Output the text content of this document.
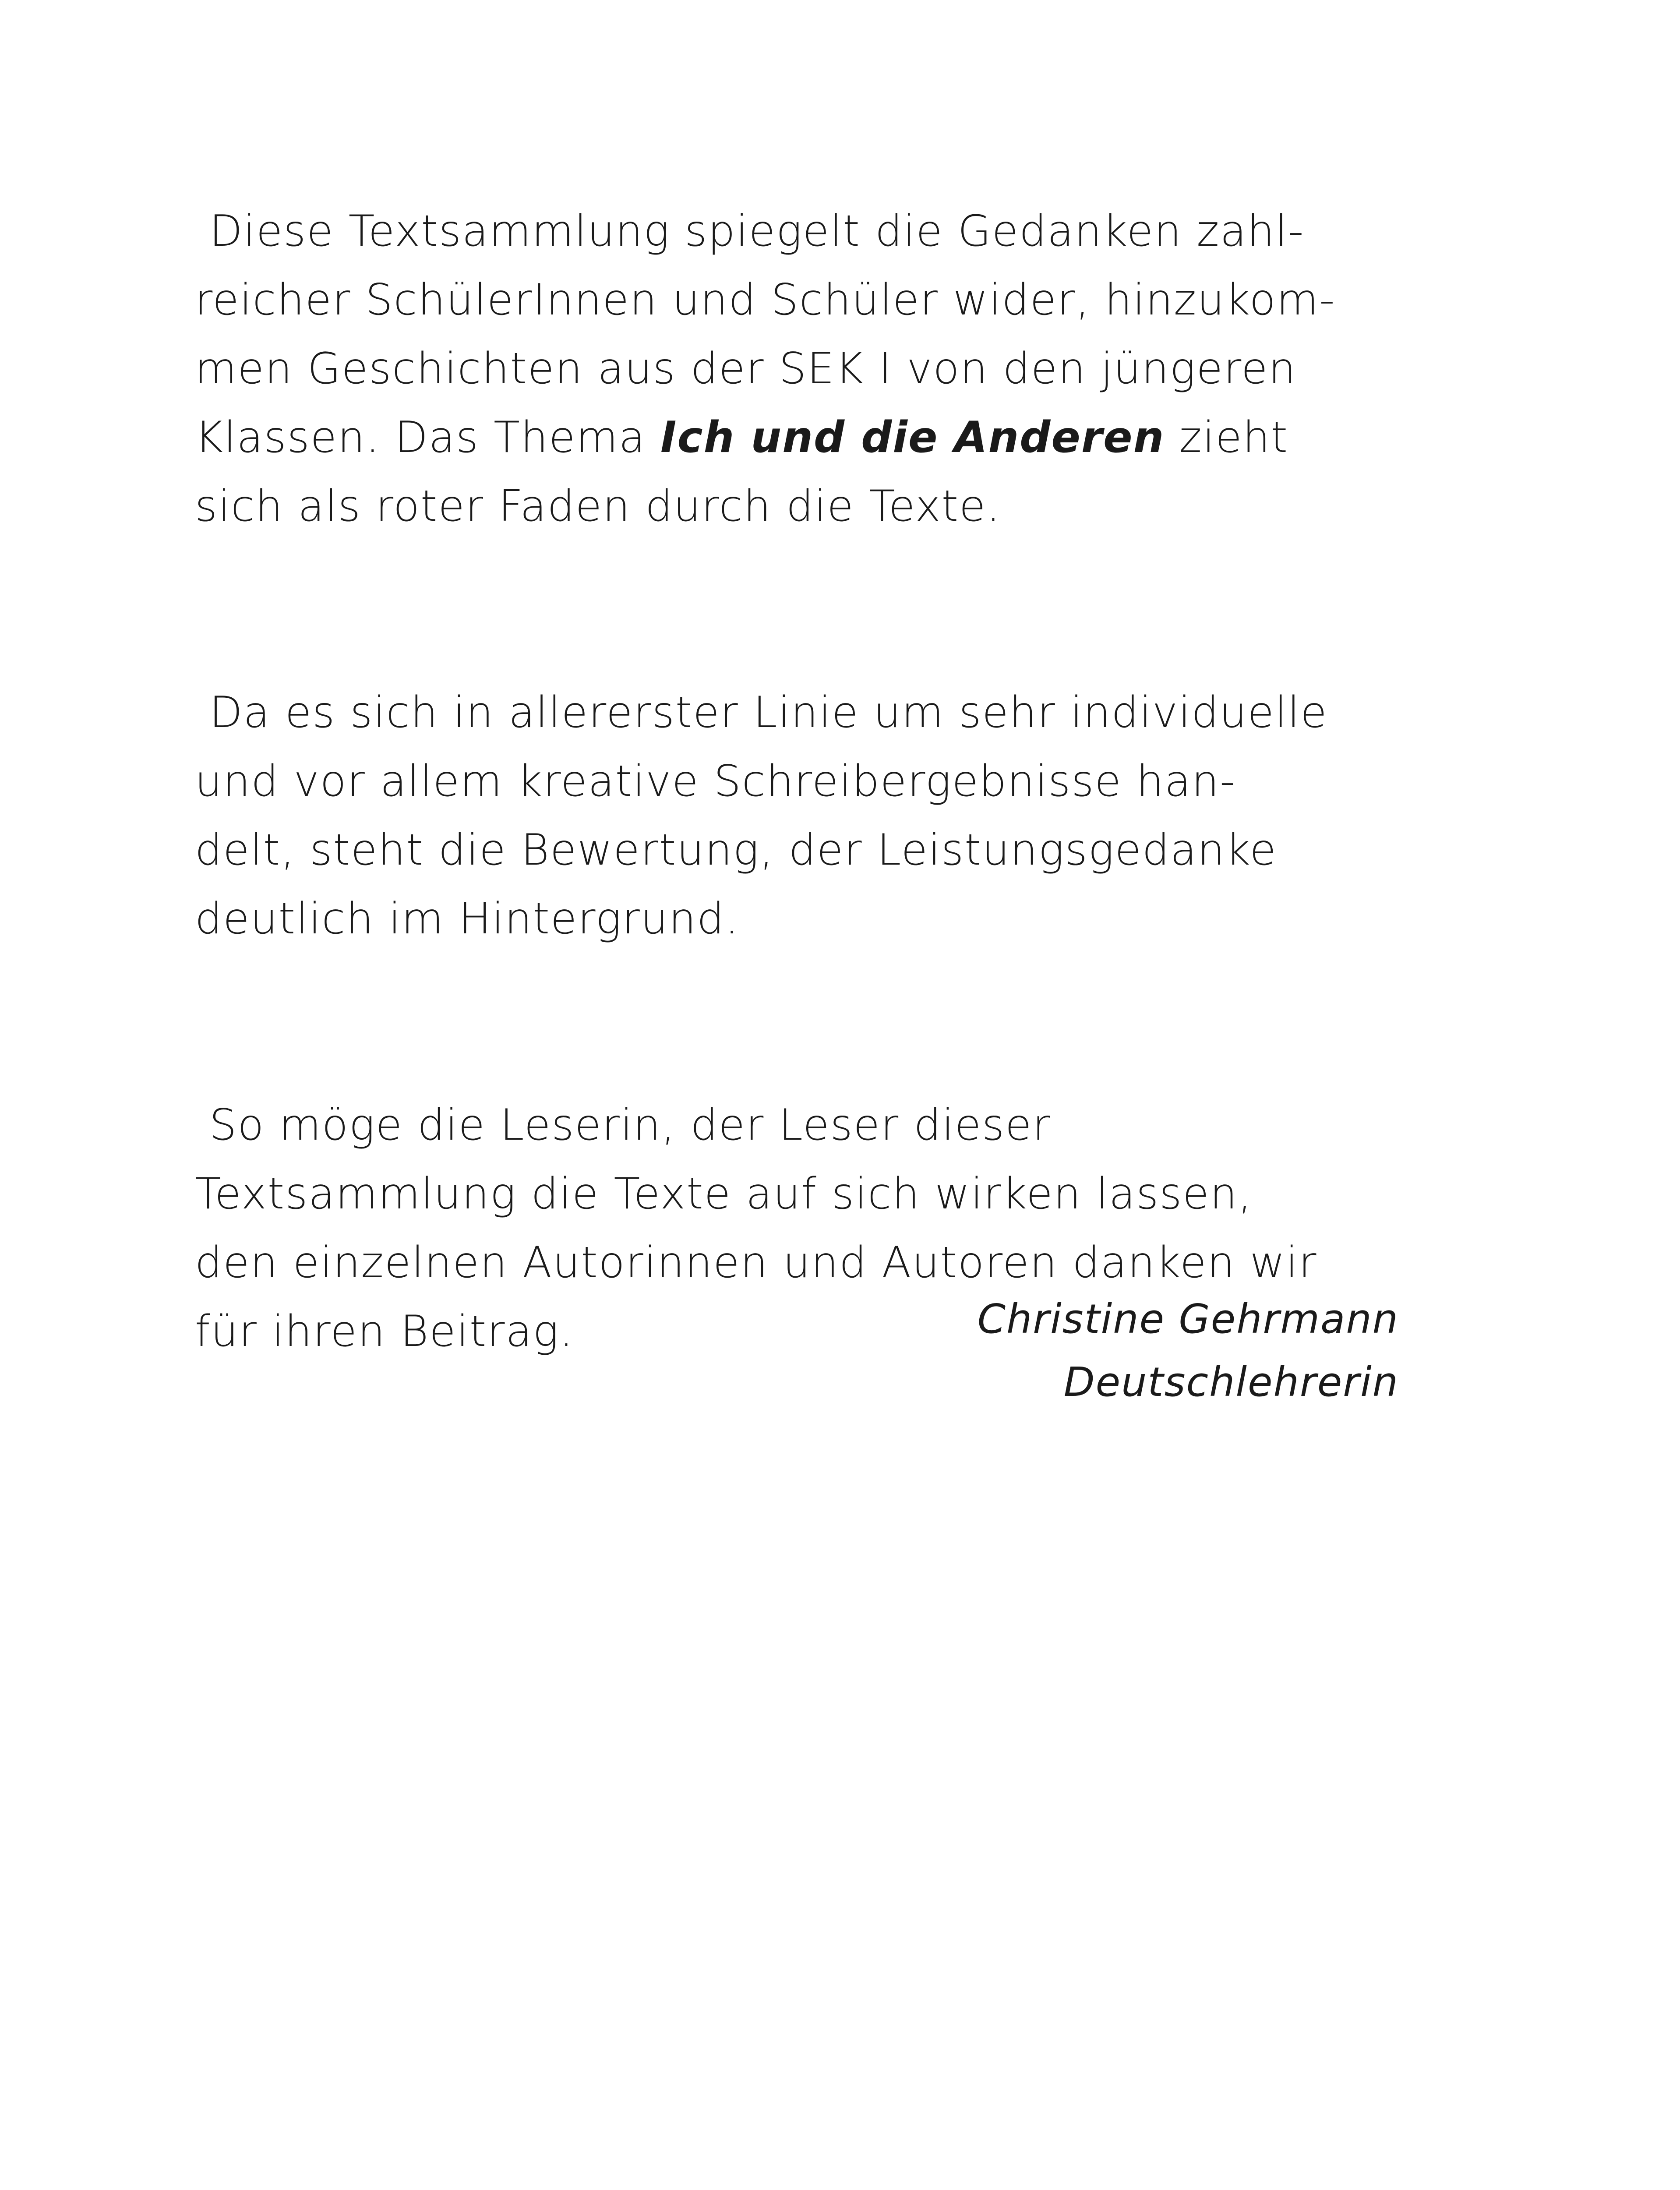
Diese Textsammlung spiegelt die Gedanken zahl-
reicher SchülerInnen und Schüler wider, hinzukom-
men Geschichten aus der SEK I von den jüngeren
Klassen. Das Thema Ich und die Anderen zieht
sich als roter Faden durch die Texte.

Da es sich in allererster Linie um sehr individuelle
und vor allem kreative Schreibergebnisse han-
delt, steht die Bewertung, der Leistungsgedanke
deutlich im Hintergrund.

So möge die Leserin, der Leser dieser
Textsammlung die Texte auf sich wirken lassen,
den einzelnen Autorinnen und Autoren danken wir
für ihren Beitrag.	Christine Gehrmann
Deutschlehrerin
